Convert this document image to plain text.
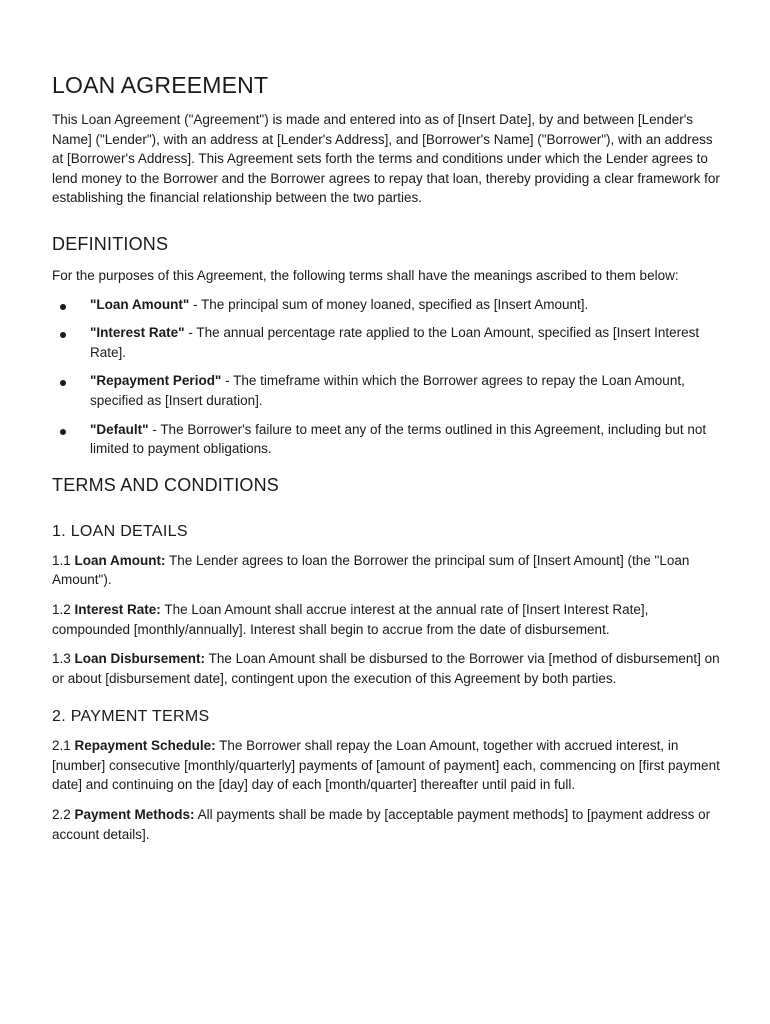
LOAN AGREEMENT

This Loan Agreement ("Agreement") is made and entered into as of [Insert Date], by and between [Lender's Name] ("Lender"), with an address at [Lender's Address], and [Borrower's Name] ("Borrower"), with an address at [Borrower's Address]. This Agreement sets forth the terms and conditions under which the Lender agrees to lend money to the Borrower and the Borrower agrees to repay that loan, thereby providing a clear framework for establishing the financial relationship between the two parties.

DEFINITIONS

For the purposes of this Agreement, the following terms shall have the meanings ascribed to them below:

"Loan Amount" - The principal sum of money loaned, specified as [Insert Amount].
"Interest Rate" - The annual percentage rate applied to the Loan Amount, specified as [Insert Interest Rate].
"Repayment Period" - The timeframe within which the Borrower agrees to repay the Loan Amount, specified as [Insert duration].
"Default" - The Borrower's failure to meet any of the terms outlined in this Agreement, including but not limited to payment obligations.
TERMS AND CONDITIONS
1. LOAN DETAILS

1.1 Loan Amount: The Lender agrees to loan the Borrower the principal sum of [Insert Amount] (the "Loan Amount").

1.2 Interest Rate: The Loan Amount shall accrue interest at the annual rate of [Insert Interest Rate], compounded [monthly/annually]. Interest shall begin to accrue from the date of disbursement.

1.3 Loan Disbursement: The Loan Amount shall be disbursed to the Borrower via [method of disbursement] on or about [disbursement date], contingent upon the execution of this Agreement by both parties.

2. PAYMENT TERMS

2.1 Repayment Schedule: The Borrower shall repay the Loan Amount, together with accrued interest, in [number] consecutive [monthly/quarterly] payments of [amount of payment] each, commencing on [first payment date] and continuing on the [day] day of each [month/quarter] thereafter until paid in full.

2.2 Payment Methods: All payments shall be made by [acceptable payment methods] to [payment address or account details].
